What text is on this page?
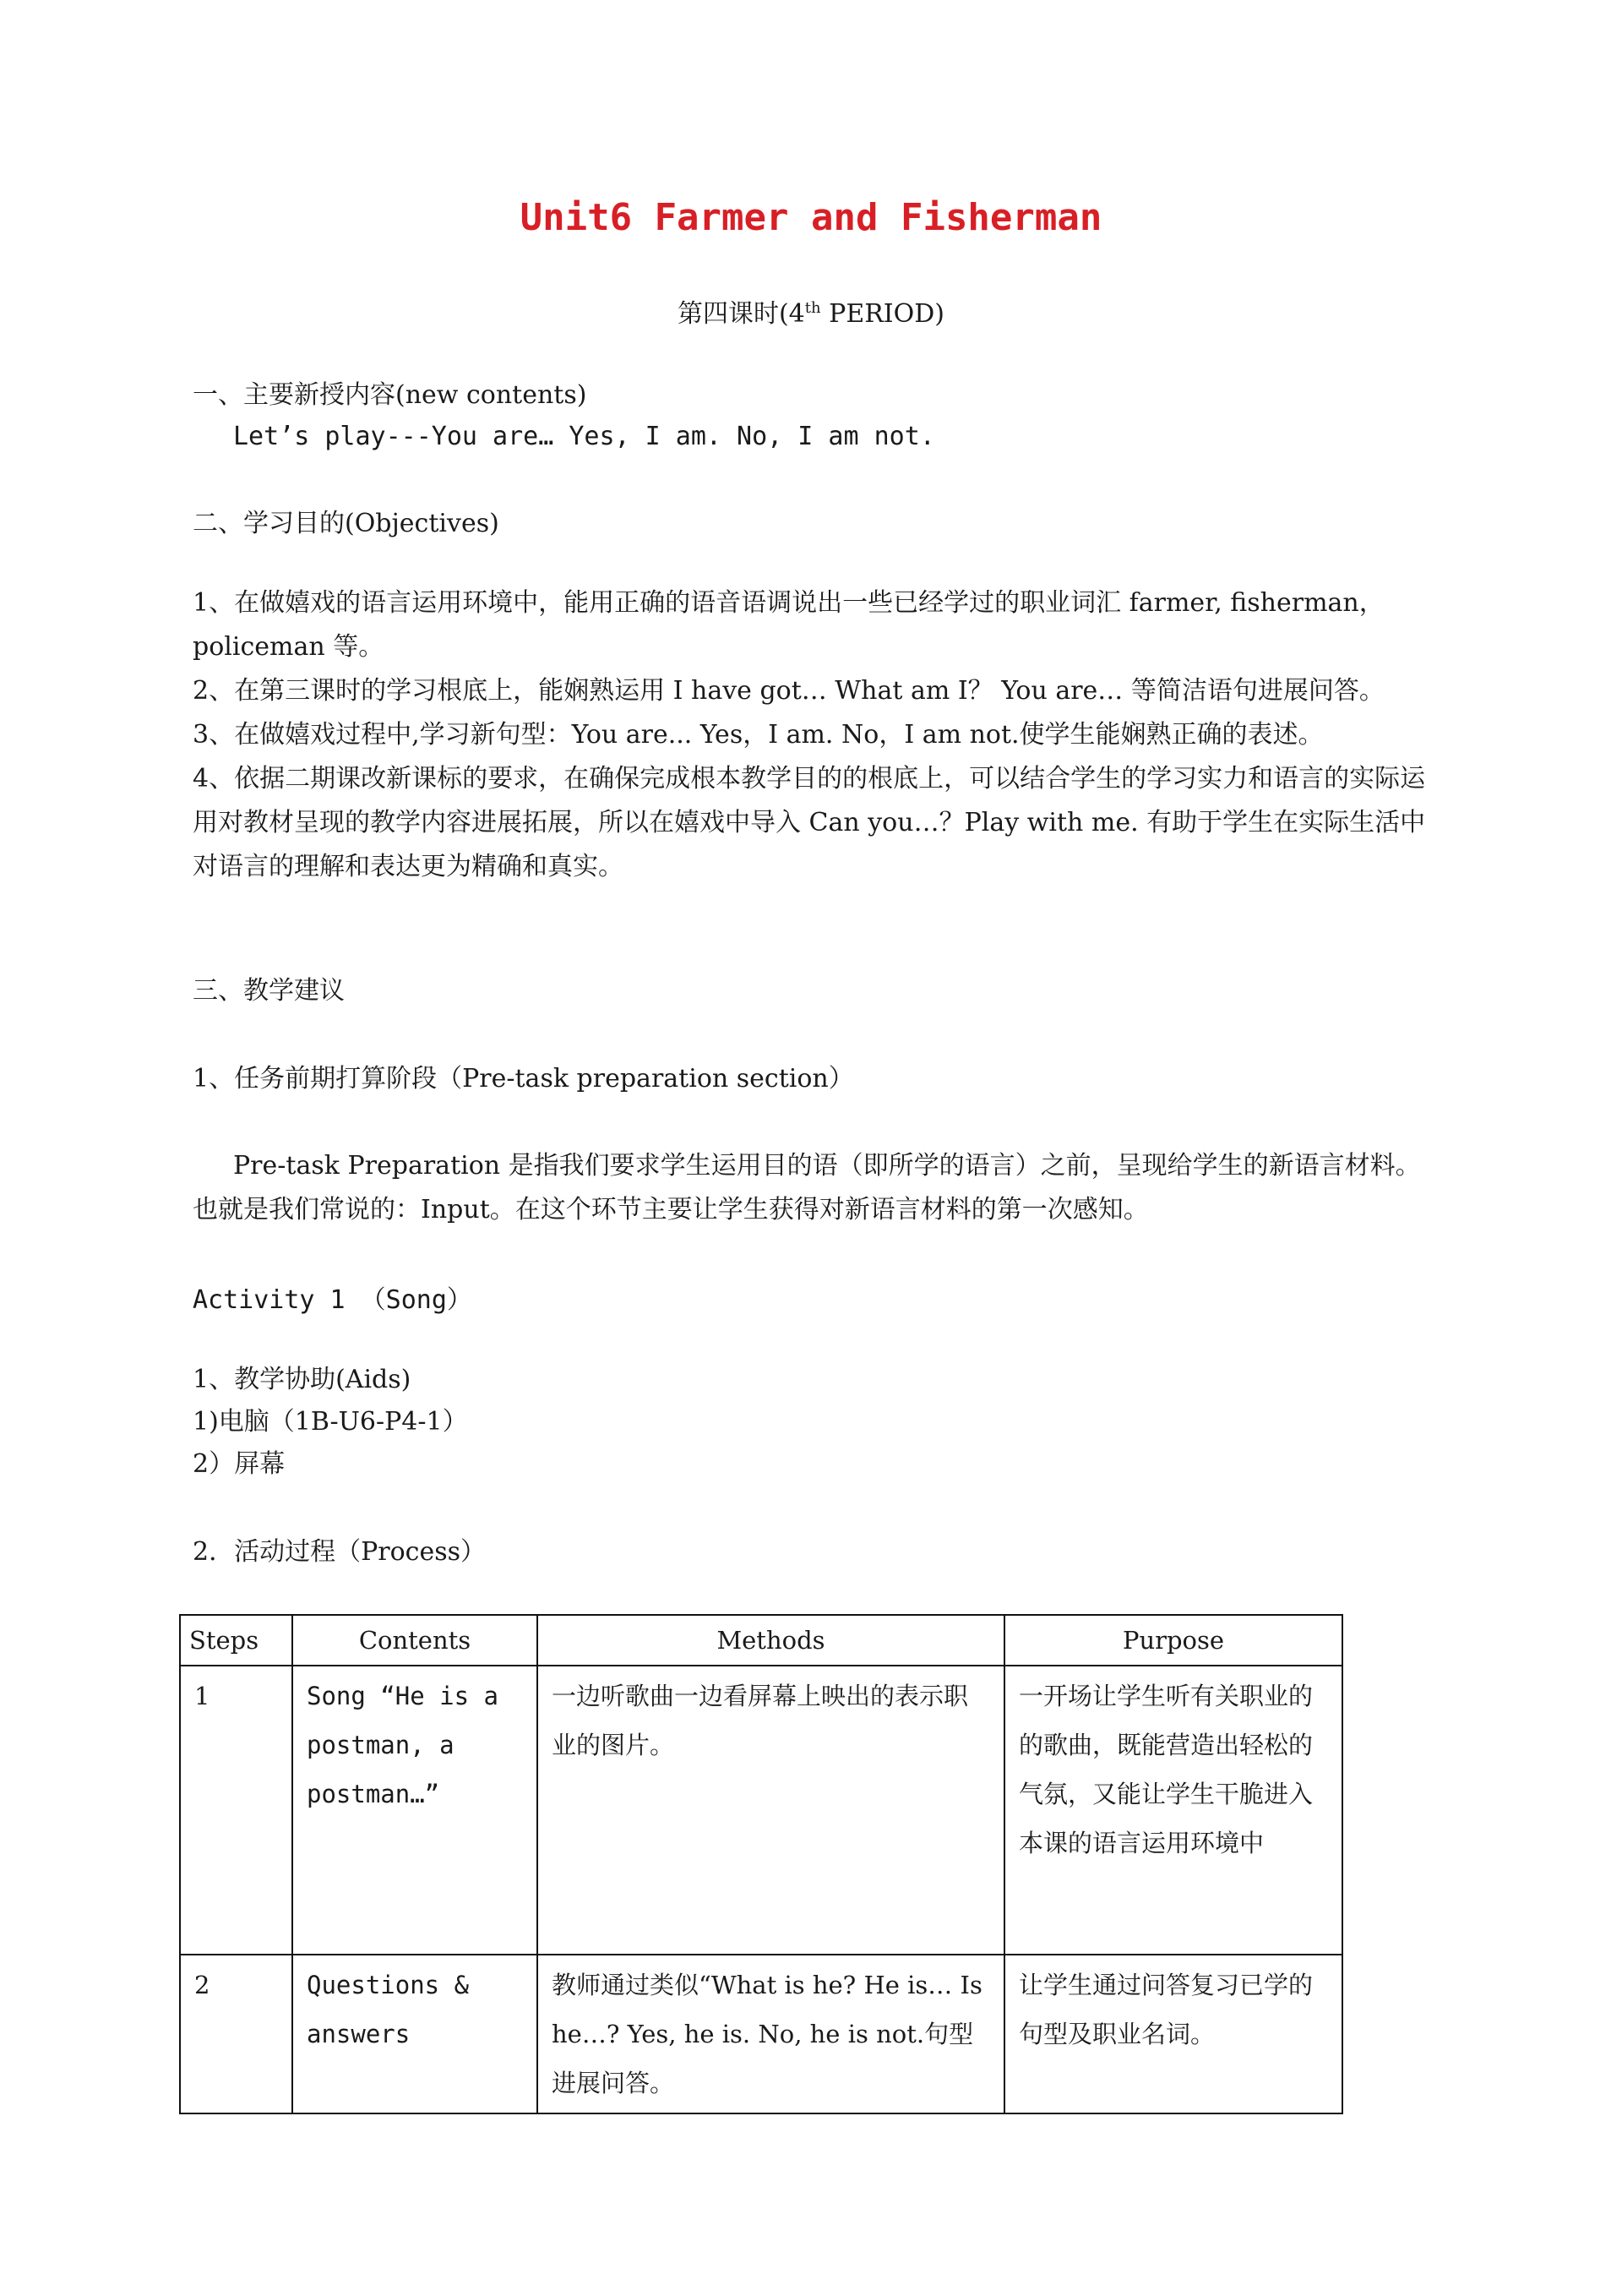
Unit6 Farmer and Fisherman

第四课时(4th PERIOD)

一、主要新授内容(new contents)

Let’s play---You are… Yes, I am. No, I am not.

二、学习目的(Objectives)

1、在做嬉戏的语言运用环境中，能用正确的语音语调说出一些已经学过的职业词汇 farmer, fisherman，policeman 等。

2、在第三课时的学习根底上，能娴熟运用 I have got… What am I？ You are… 等简洁语句进展问答。

3、在做嬉戏过程中,学习新句型：You are... Yes，I am. No，I am not.使学生能娴熟正确的表述。

4、依据二期课改新课标的要求，在确保完成根本教学目的的根底上，可以结合学生的学习实力和语言的实际运用对教材呈现的教学内容进展拓展，所以在嬉戏中导入 Can you…？Play with me. 有助于学生在实际生活中对语言的理解和表达更为精确和真实。

三、教学建议

1、任务前期打算阶段（Pre-task preparation section）

Pre-task Preparation 是指我们要求学生运用目的语（即所学的语言）之前，呈现给学生的新语言材料。也就是我们常说的：Input。在这个环节主要让学生获得对新语言材料的第一次感知。

Activity 1 （Song）

1、教学协助(Aids)

1)电脑（1B-U6-P4-1）

2）屏幕

2．活动过程（Process）

Steps	Contents	Methods	Purpose
1	Song “He is a postman, a postman…”	一边听歌曲一边看屏幕上映出的表示职业的图片。	一开场让学生听有关职业的的歌曲，既能营造出轻松的气氛，又能让学生干脆进入本课的语言运用环境中
2	Questions & answers	教师通过类似“What is he? He is… Is he…? Yes, he is. No, he is not.句型进展问答。	让学生通过问答复习已学的句型及职业名词。
